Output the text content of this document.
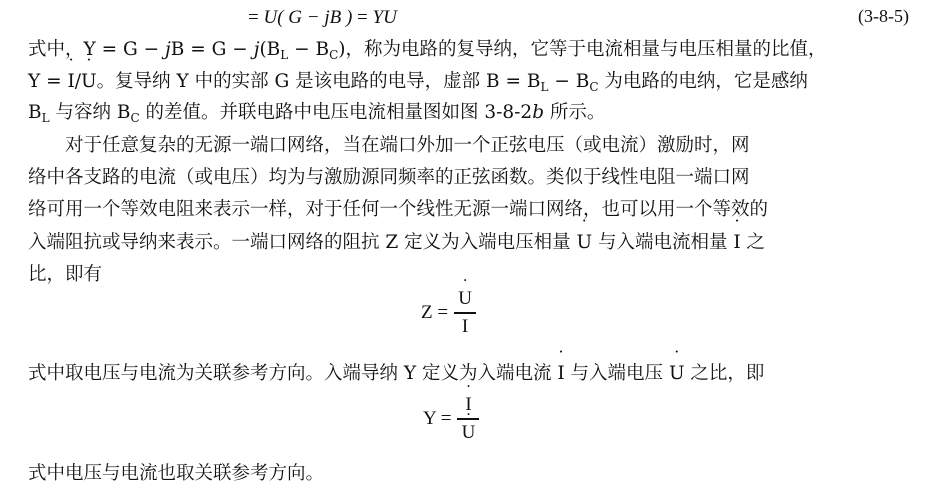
= ˙ U( G − jB ) = Y˙ U	(3-8-5)
式中，Y = G − jB = $G - j(B_L - B_C)$，称为电路的复导纳，它等于电流相量与电压相量的比值，
Y = ˙ I/˙ U。复导纳 Y 中的实部 G 是该电路的电导，虚部 $B = B_L - B_C$ 为电路的电纳，它是感纳
$B_L$ 与容纳 $B_C$ 的差值。并联电路中电压电流相量图如图 3-8-2b 所示。
　　对于任意复杂的无源一端口网络，当在端口外加一个正弦电压（或电流）激励时，网
络中各支路的电流（或电压）均为与激励源同频率的正弦函数。类似于线性电阻一端口网
络可用一个等效电阻来表示一样，对于任何一个线性无源一端口网络，也可以用一个等效的
入端阻抗或导纳来表示。一端口网络的阻抗 Z 定义为入端电压相量 ˙ U 与入端电流相量 ˙ I 之
比，即有
Z = ˙ $\frac{U}{I}$
式中取电压与电流为关联参考方向。入端导纳 Y 定义为入端电流 ˙ I 与入端电压 ˙ U 之比，即
Y = ˙ I
˙ U
式中电压与电流也取关联参考方向。
